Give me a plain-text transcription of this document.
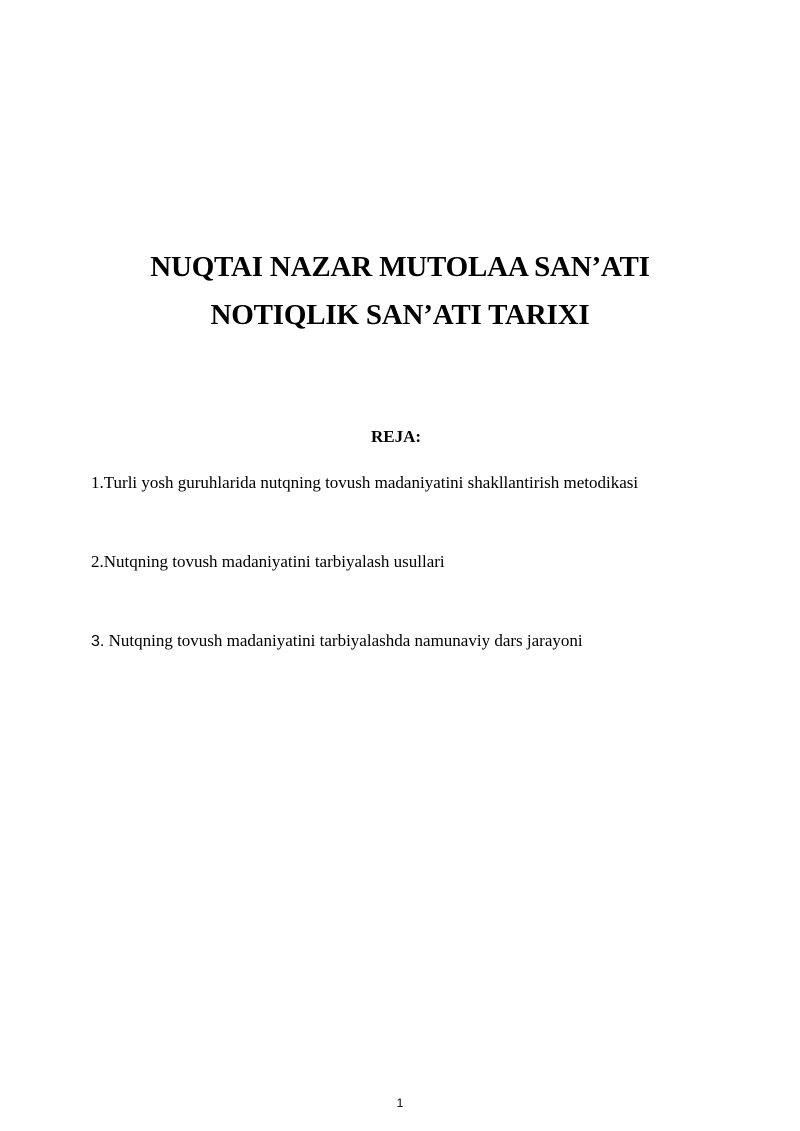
NUQTAI NAZAR MUTOLAA SAN’ATI
NOTIQLIK SAN’ATI TARIXI
REJA:
1.Turli yosh guruhlarida nutqning tovush madaniyatini shakllantirish metodikasi
2.Nutqning tovush madaniyatini tarbiyalash usullari
3. Nutqning tovush madaniyatini tarbiyalashda namunaviy dars jarayoni
1
